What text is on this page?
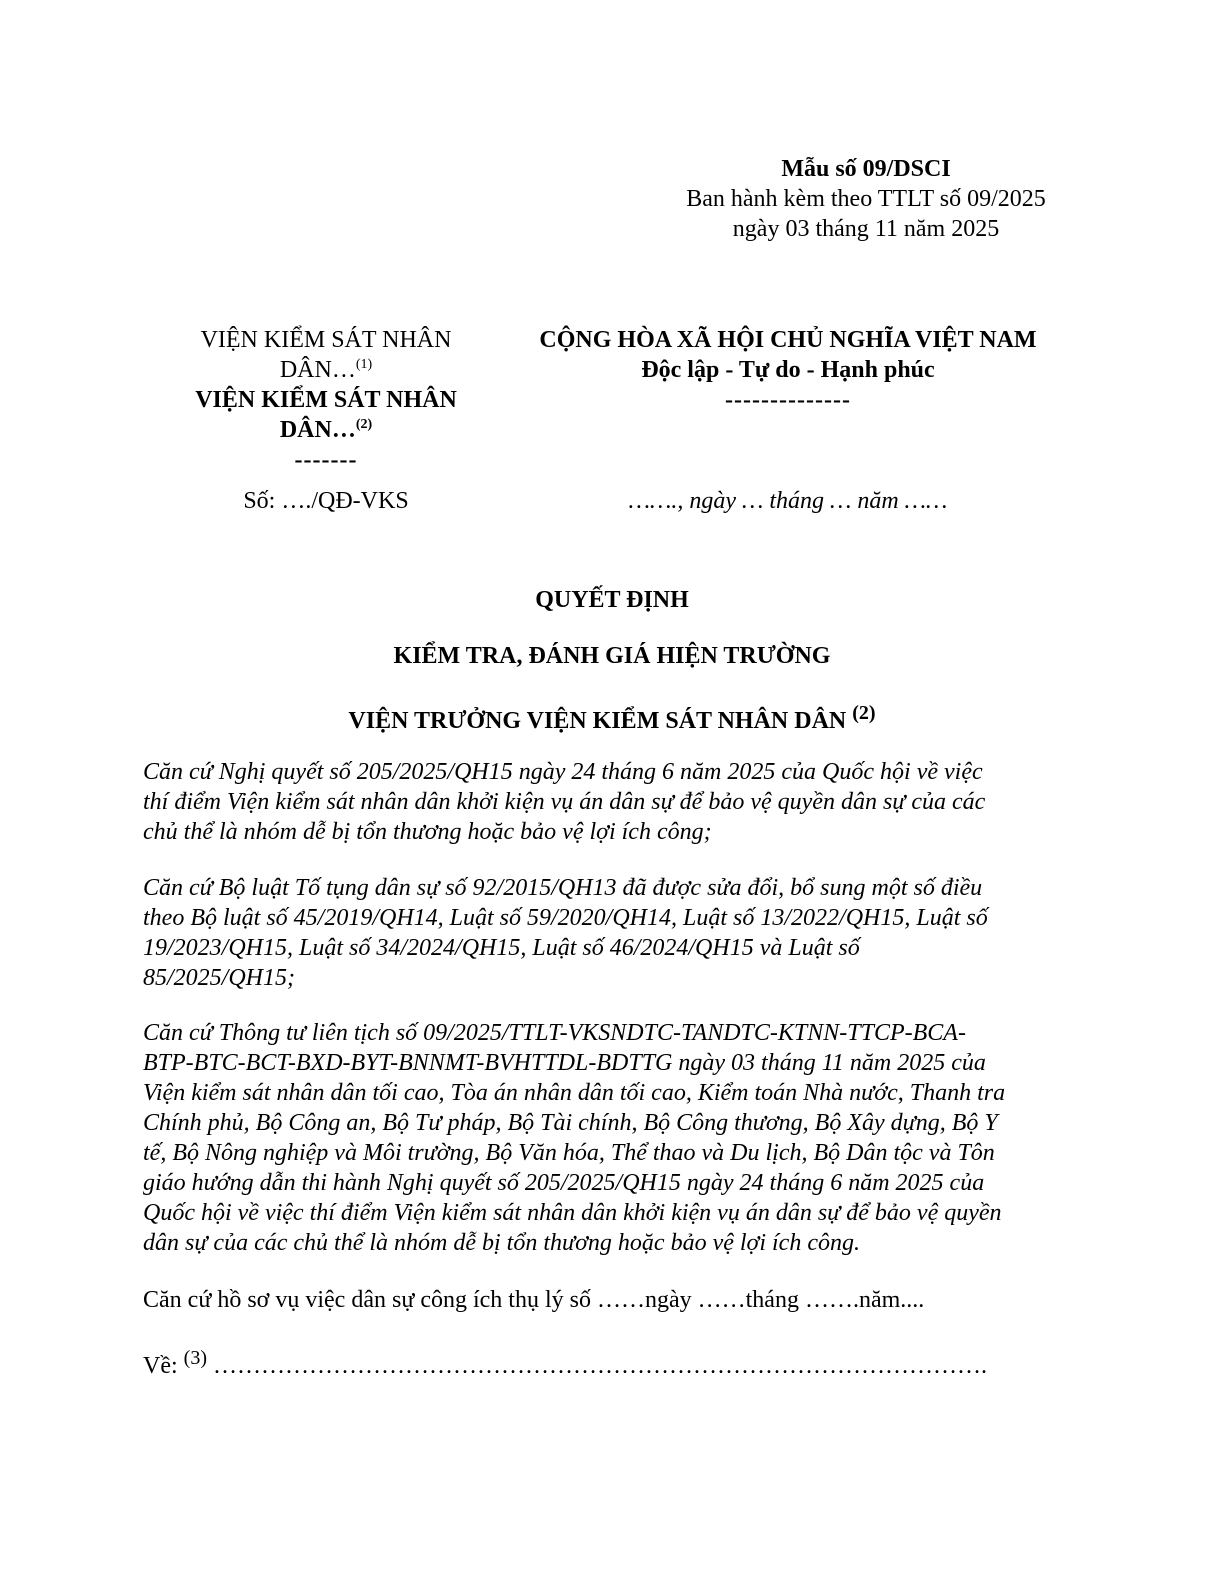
Mẫu số 09/DSCI
Ban hành kèm theo TTLT số 09/2025
ngày 03 tháng 11 năm 2025
VIỆN KIỂM SÁT NHÂN
DÂN…$^{(1)}$
VIỆN KIỂM SÁT NHÂN
DÂN…$^{(2)}$
-------
CỘNG HÒA XÃ HỘI CHỦ NGHĨA VIỆT NAM
Độc lập - Tự do - Hạnh phúc
--------------
Số: …./QĐ-VKS	……., ngày … tháng … năm ……
QUYẾT ĐỊNH
KIỂM TRA, ĐÁNH GIÁ HIỆN TRƯỜNG
VIỆN TRƯỞNG VIỆN KIỂM SÁT NHÂN DÂN $^{(2)}$
Căn cứ Nghị quyết số 205/2025/QH15 ngày 24 tháng 6 năm 2025 của Quốc hội về việc
thí điểm Viện kiểm sát nhân dân khởi kiện vụ án dân sự để bảo vệ quyền dân sự của các
chủ thể là nhóm dễ bị tổn thương hoặc bảo vệ lợi ích công;
Căn cứ Bộ luật Tố tụng dân sự số 92/2015/QH13 đã được sửa đổi, bổ sung một số điều
theo Bộ luật số 45/2019/QH14, Luật số 59/2020/QH14, Luật số 13/2022/QH15, Luật số
19/2023/QH15, Luật số 34/2024/QH15, Luật số 46/2024/QH15 và Luật số
85/2025/QH15;
Căn cứ Thông tư liên tịch số 09/2025/TTLT-VKSNDTC-TANDTC-KTNN-TTCP-BCA-
BTP-BTC-BCT-BXD-BYT-BNNMT-BVHTTDL-BDTTG ngày 03 tháng 11 năm 2025 của
Viện kiểm sát nhân dân tối cao, Tòa án nhân dân tối cao, Kiểm toán Nhà nước, Thanh tra
Chính phủ, Bộ Công an, Bộ Tư pháp, Bộ Tài chính, Bộ Công thương, Bộ Xây dựng, Bộ Y
tế, Bộ Nông nghiệp và Môi trường, Bộ Văn hóa, Thể thao và Du lịch, Bộ Dân tộc và Tôn
giáo hướng dẫn thi hành Nghị quyết số 205/2025/QH15 ngày 24 tháng 6 năm 2025 của
Quốc hội về việc thí điểm Viện kiểm sát nhân dân khởi kiện vụ án dân sự để bảo vệ quyền
dân sự của các chủ thể là nhóm dễ bị tổn thương hoặc bảo vệ lợi ích công.
Căn cứ hồ sơ vụ việc dân sự công ích thụ lý số ……ngày ……tháng …….năm....
Về: $^{(3)}$ …………………………………………………………………………………….
